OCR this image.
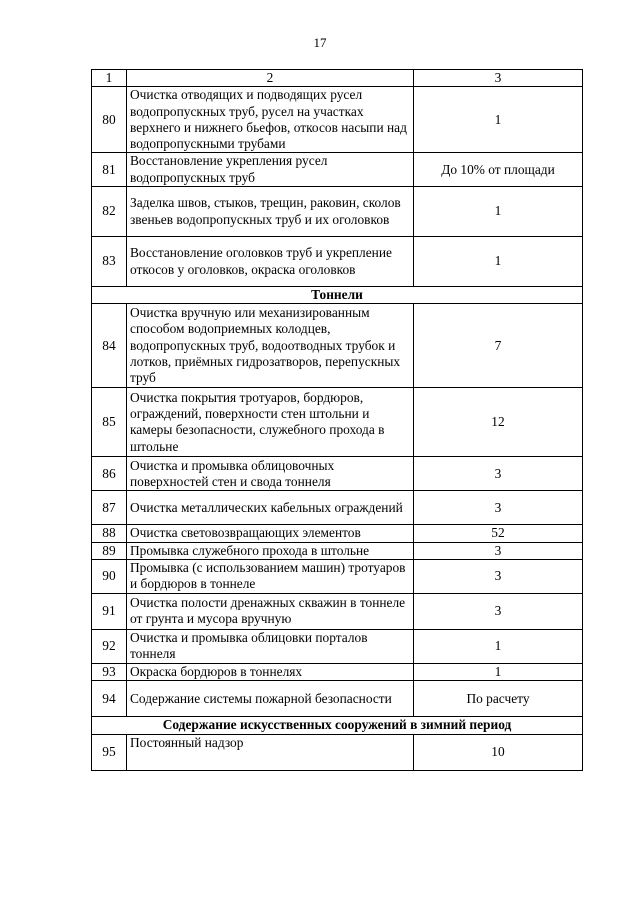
17
1	2	3
80	Очистка отводящих и подводящих русел водопропускных труб, русел на участках верхнего и нижнего бьефов, откосов насыпи над водопропускными трубами	1
81	Восстановление укрепления русел водопропускных труб	До 10% от площади
82	Заделка швов, стыков, трещин, раковин, сколов звеньев водопропускных труб и их оголовков	1
83	Восстановление оголовков труб и укрепление откосов у оголовков, окраска оголовков	1
Тоннели		
84	Очистка вручную или механизированным способом водоприемных колодцев, водопропускных труб, водоотводных трубок и лотков, приёмных гидрозатворов, перепускных труб	7
85	Очистка покрытия тротуаров, бордюров, ограждений, поверхности стен штольни и камеры безопасности, служебного прохода в штольне	12
86	Очистка и промывка облицовочных поверхностей стен и свода тоннеля	3
87	Очистка металлических кабельных ограждений	3
88	Очистка световозвращающих элементов	52
89	Промывка служебного прохода в штольне	3
90	Промывка (с использованием машин) тротуаров и бордюров в тоннеле	3
91	Очистка полости дренажных скважин в тоннеле от грунта и мусора вручную	3
92	Очистка и промывка облицовки порталов тоннеля	1
93	Окраска бордюров в тоннелях	1
94	Содержание системы пожарной безопасности	По расчету
Содержание искусственных сооружений в зимний период		
95	Постоянный надзор	10
